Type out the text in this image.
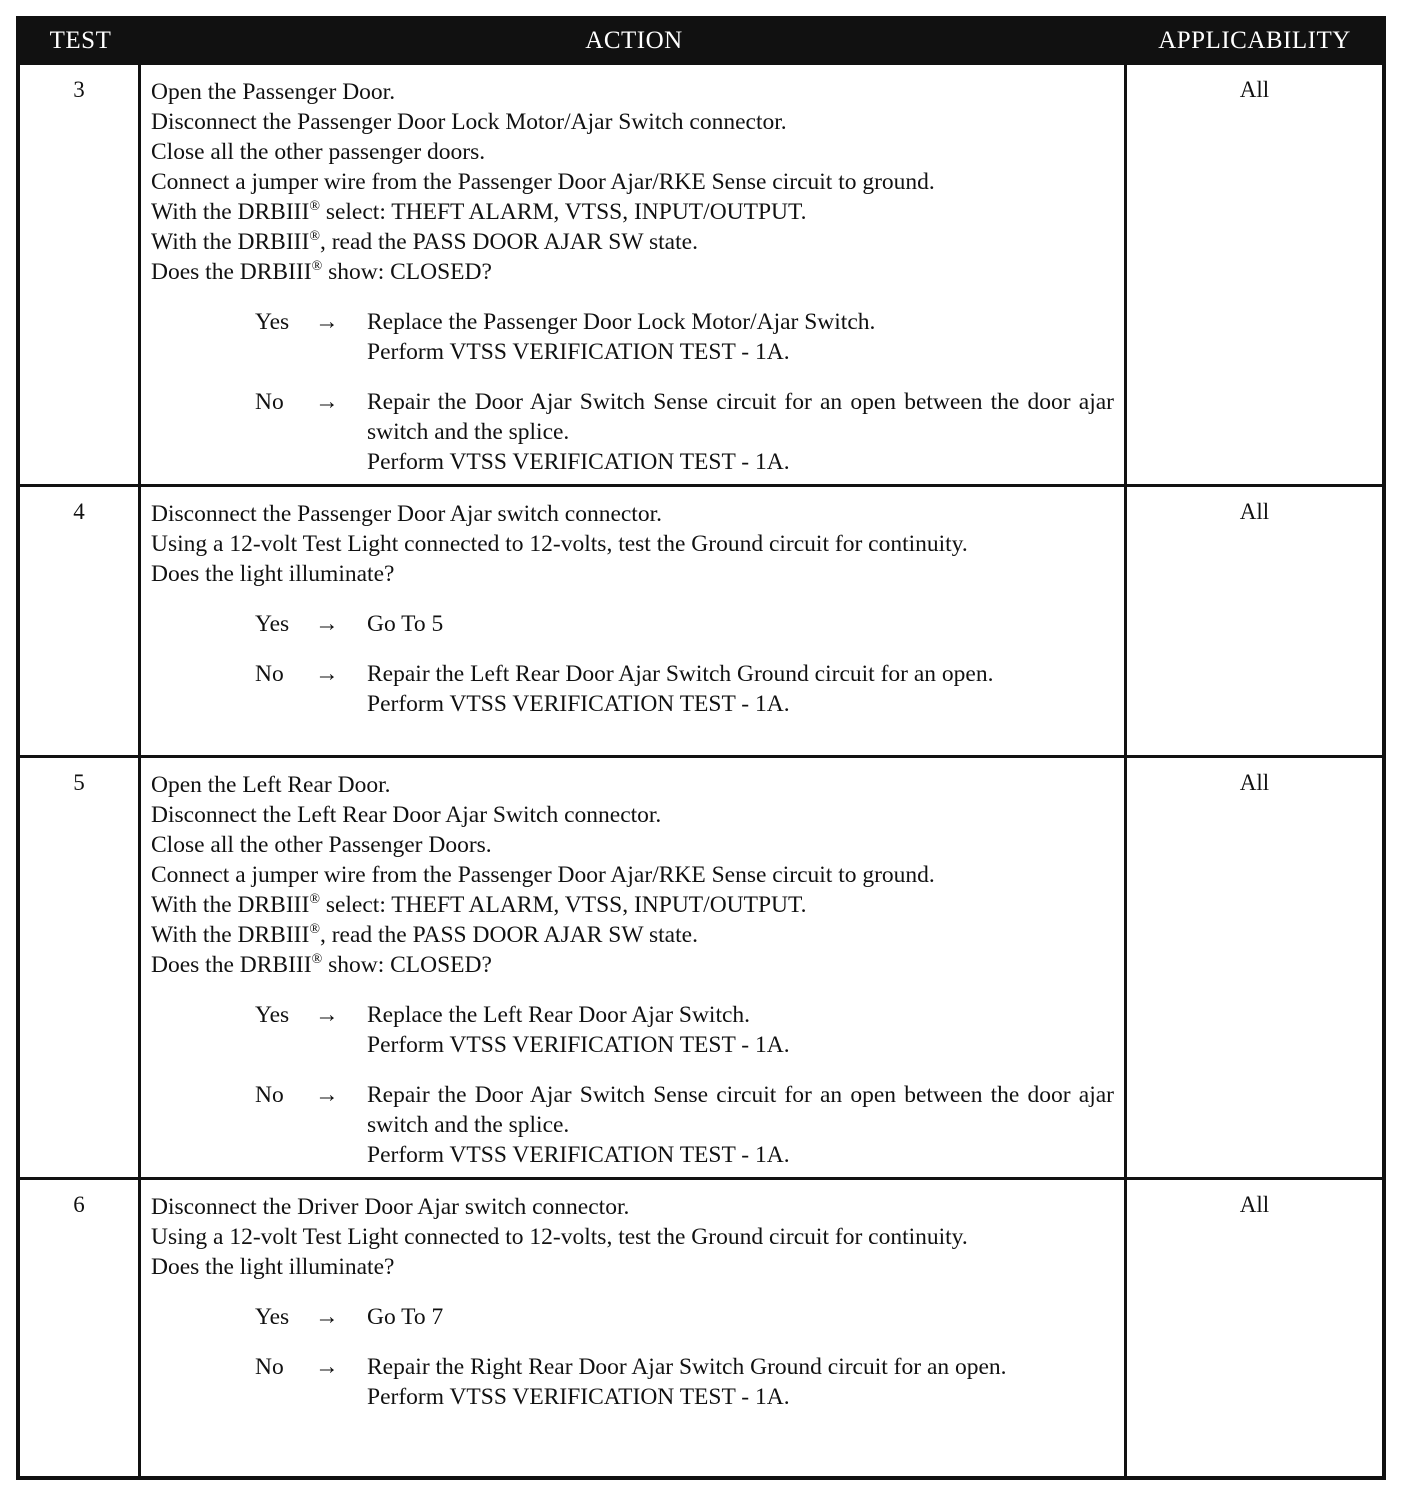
TEST	ACTION	APPLICABILITY
3	Open the Passenger Door.
Disconnect the Passenger Door Lock Motor/Ajar Switch connector.
Close all the other passenger doors.
Connect a jumper wire from the Passenger Door Ajar/RKE Sense circuit to ground.
With the DRBIII® select: THEFT ALARM, VTSS, INPUT/OUTPUT.
With the DRBIII®, read the PASS DOOR AJAR SW state.
Does the DRBIII® show: CLOSED?
Yes	→	Replace the Passenger Door Lock Motor/Ajar Switch.
Perform VTSS VERIFICATION TEST - 1A.
No	→	Repair the Door Ajar Switch Sense circuit for an open between the door ajar switch and the splice.
Perform VTSS VERIFICATION TEST - 1A.
All
4	Disconnect the Passenger Door Ajar switch connector.
Using a 12-volt Test Light connected to 12-volts, test the Ground circuit for continuity.
Does the light illuminate?
Yes	→	Go To 5
No	→	Repair the Left Rear Door Ajar Switch Ground circuit for an open.
Perform VTSS VERIFICATION TEST - 1A.
All
5	Open the Left Rear Door.
Disconnect the Left Rear Door Ajar Switch connector.
Close all the other Passenger Doors.
Connect a jumper wire from the Passenger Door Ajar/RKE Sense circuit to ground.
With the DRBIII® select: THEFT ALARM, VTSS, INPUT/OUTPUT.
With the DRBIII®, read the PASS DOOR AJAR SW state.
Does the DRBIII® show: CLOSED?
Yes	→	Replace the Left Rear Door Ajar Switch.
Perform VTSS VERIFICATION TEST - 1A.
No	→	Repair the Door Ajar Switch Sense circuit for an open between the door ajar switch and the splice.
Perform VTSS VERIFICATION TEST - 1A.
All
6	Disconnect the Driver Door Ajar switch connector.
Using a 12-volt Test Light connected to 12-volts, test the Ground circuit for continuity.
Does the light illuminate?
Yes	→	Go To 7
No	→	Repair the Right Rear Door Ajar Switch Ground circuit for an open.
Perform VTSS VERIFICATION TEST - 1A.
All
